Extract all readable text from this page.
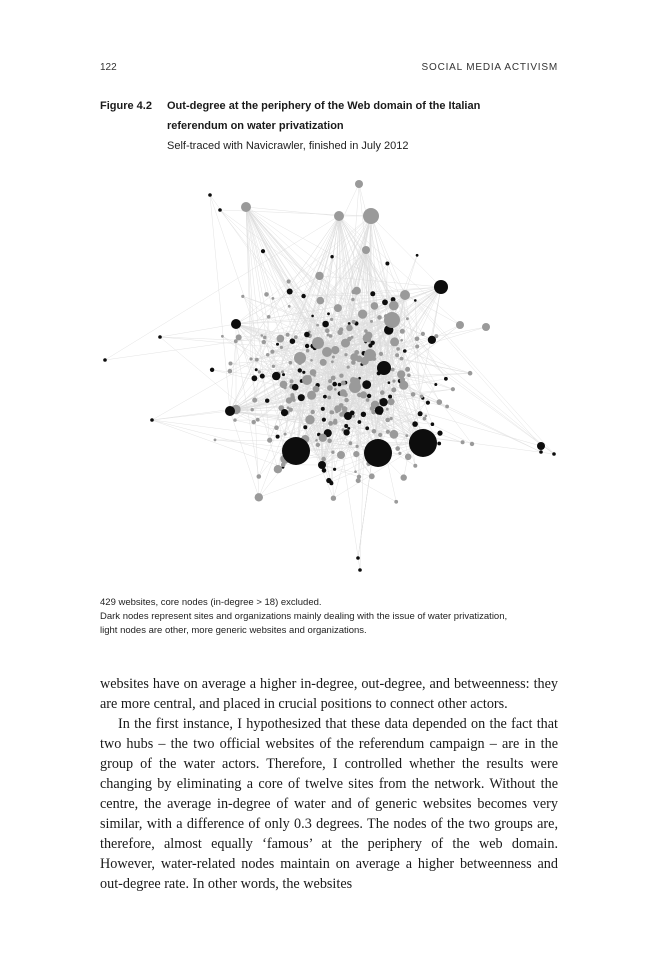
122	SOCIAL MEDIA ACTIVISM
Figure 4.2 Out-degree at the periphery of the Web domain of the Italian referendum on water privatization
Self-traced with Navicrawler, finished in July 2012
429 websites, core nodes (in-degree > 18) excluded.
Dark nodes represent sites and organizations mainly dealing with the issue of water privatization,
light nodes are other, more generic websites and organizations.

websites have on average a higher in-degree, out-degree, and betweenness: they are more central, and placed in crucial positions to connect other actors.

In the first instance, I hypothesized that these data depended on the fact that two hubs – the two official websites of the referendum campaign – are in the group of the water actors. Therefore, I controlled whether the results were changing by eliminating a core of twelve sites from the network. Without the centre, the average in-degree of water and of generic websites becomes very similar, with a difference of only 0.3 degrees. The nodes of the two groups are, therefore, almost equally ‘famous’ at the periphery of the web domain. However, water-related nodes maintain on average a higher betweenness and out-degree rate. In other words, the websites
